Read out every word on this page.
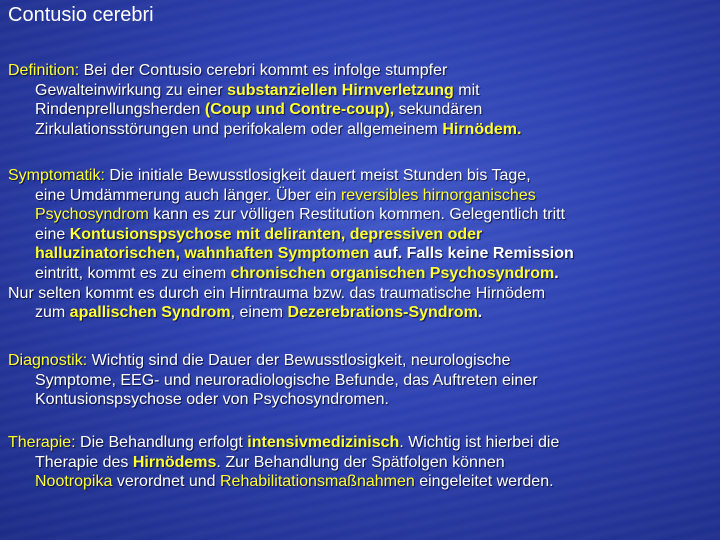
Contusio cerebri
Definition: Bei der Contusio cerebri kommt es infolge stumpfer
Gewalteinwirkung zu einer substanziellen Hirnverletzung mit
Rindenprellungsherden (Coup und Contre-coup), sekundären
Zirkulationsstörungen und perifokalem oder allgemeinem Hirnödem.
Symptomatik: Die initiale Bewusstlosigkeit dauert meist Stunden bis Tage,
eine Umdämmerung auch länger. Über ein reversibles hirnorganisches
Psychosyndrom kann es zur völligen Restitution kommen. Gelegentlich tritt
eine Kontusionspsychose mit deliranten, depressiven oder
halluzinatorischen, wahnhaften Symptomen auf. Falls keine Remission
eintritt, kommt es zu einem chronischen organischen Psychosyndrom.
Nur selten kommt es durch ein Hirntrauma bzw. das traumatische Hirnödem
zum apallischen Syndrom, einem Dezerebrations-Syndrom.
Diagnostik: Wichtig sind die Dauer der Bewusstlosigkeit, neurologische
Symptome, EEG- und neuroradiologische Befunde, das Auftreten einer
Kontusionspsychose oder von Psychosyndromen.
Therapie: Die Behandlung erfolgt intensivmedizinisch. Wichtig ist hierbei die
Therapie des Hirnödems. Zur Behandlung der Spätfolgen können
Nootropika verordnet und Rehabilitationsmaßnahmen eingeleitet werden.
